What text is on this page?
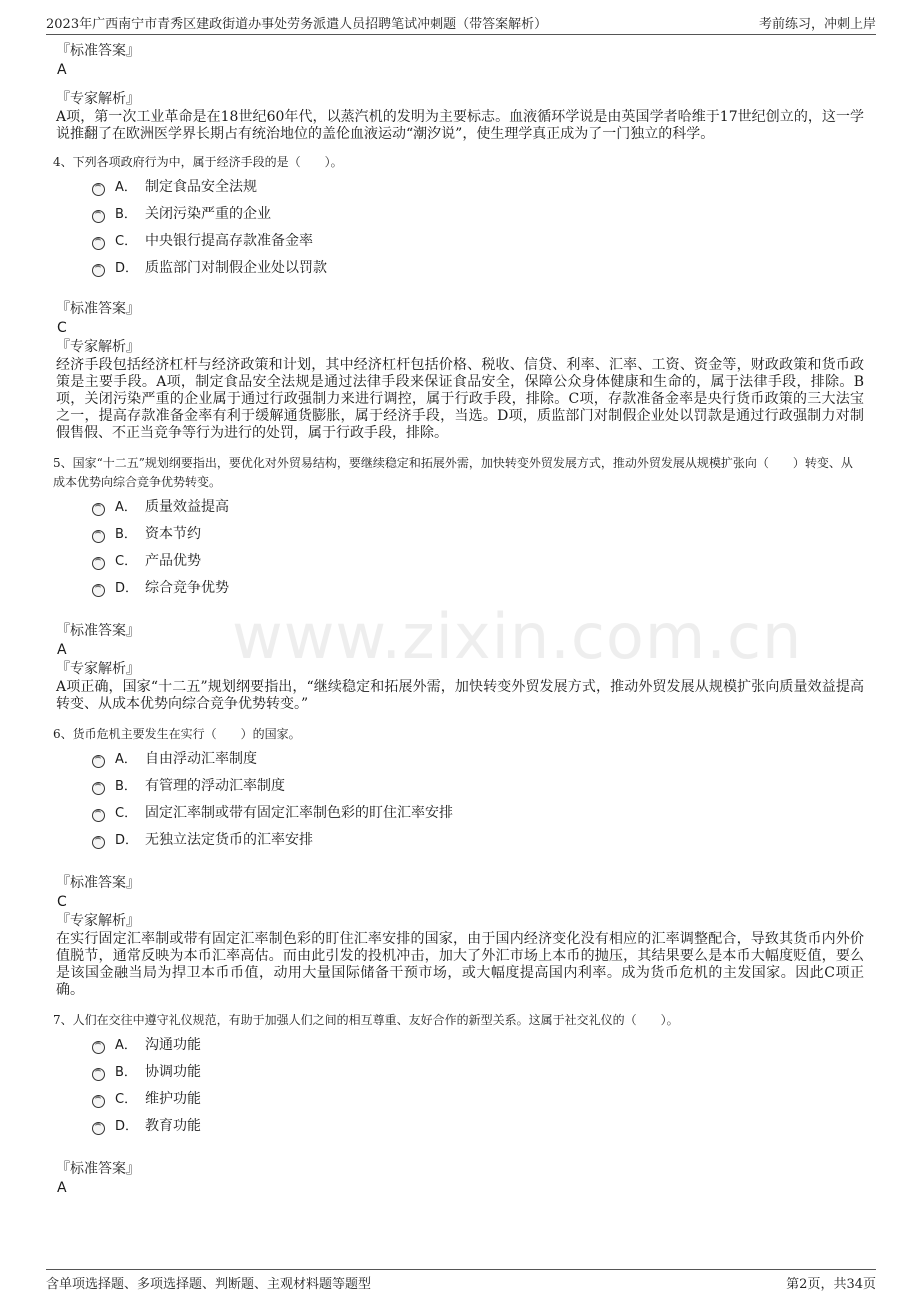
2023年广西南宁市青秀区建政街道办事处劳务派遣人员招聘笔试冲刺题（带答案解析）	考前练习，冲刺上岸
www.zixin.com.cn
『标准答案』
A
『专家解析』

A项，第一次工业革命是在18世纪60年代，以蒸汽机的发明为主要标志。血液循环学说是由英国学者哈维于17世纪创立的，这一学说推翻了在欧洲医学界长期占有统治地位的盖伦血液运动“潮汐说”，使生理学真正成为了一门独立的科学。

4、下列各项政府行为中，属于经济手段的是（　　）。
A． 制定食品安全法规
B． 关闭污染严重的企业
C． 中央银行提高存款准备金率
D． 质监部门对制假企业处以罚款
『标准答案』
C
『专家解析』

经济手段包括经济杠杆与经济政策和计划，其中经济杠杆包括价格、税收、信贷、利率、汇率、工资、资金等，财政政策和货币政策是主要手段。A项，制定食品安全法规是通过法律手段来保证食品安全，保障公众身体健康和生命的，属于法律手段，排除。B项，关闭污染严重的企业属于通过行政强制力来进行调控，属于行政手段，排除。C项，存款准备金率是央行货币政策的三大法宝之一，提高存款准备金率有利于缓解通货膨胀，属于经济手段，当选。D项，质监部门对制假企业处以罚款是通过行政强制力对制假售假、不正当竞争等行为进行的处罚，属于行政手段，排除。

5、国家“十二五”规划纲要指出，要优化对外贸易结构，要继续稳定和拓展外需，加快转变外贸发展方式，推动外贸发展从规模扩张向（　　）转变、从成本优势向综合竞争优势转变。
A． 质量效益提高
B． 资本节约
C． 产品优势
D． 综合竞争优势
『标准答案』
A
『专家解析』

A项正确，国家“十二五”规划纲要指出，“继续稳定和拓展外需，加快转变外贸发展方式，推动外贸发展从规模扩张向质量效益提高转变、从成本优势向综合竞争优势转变。”

6、货币危机主要发生在实行（　　）的国家。
A． 自由浮动汇率制度
B． 有管理的浮动汇率制度
C． 固定汇率制或带有固定汇率制色彩的盯住汇率安排
D． 无独立法定货币的汇率安排
『标准答案』
C
『专家解析』

在实行固定汇率制或带有固定汇率制色彩的盯住汇率安排的国家，由于国内经济变化没有相应的汇率调整配合，导致其货币内外价值脱节，通常反映为本币汇率高估。而由此引发的投机冲击，加大了外汇市场上本币的抛压，其结果要么是本币大幅度贬值，要么是该国金融当局为捍卫本币币值，动用大量国际储备干预市场，或大幅度提高国内利率。成为货币危机的主发国家。因此C项正确。

7、人们在交往中遵守礼仪规范，有助于加强人们之间的相互尊重、友好合作的新型关系。这属于社交礼仪的（　　）。
A． 沟通功能
B． 协调功能
C． 维护功能
D． 教育功能
『标准答案』
A
含单项选择题、多项选择题、判断题、主观材料题等题型	第2页，共34页
